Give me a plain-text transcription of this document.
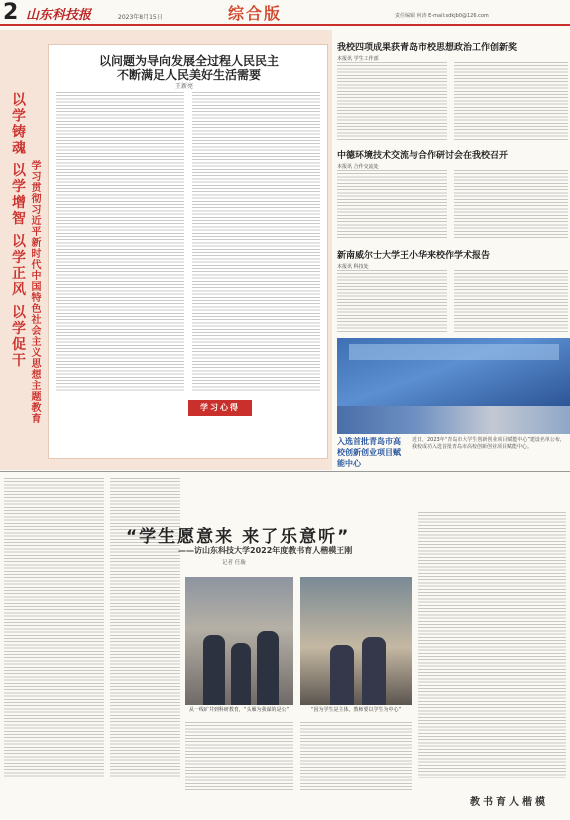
2 山东科技报	2023年8月15日	综合版	责任编辑 何涛 E-mail:sdkjb0@126.com
以学铸魂 以学增智 以学正风 以学促干 学习贯彻习近平新时代中国特色社会主义思想主题教育
以问题为导向发展全过程人民民主
不断满足人民美好生活需要
王新亮
学习心得
我校四项成果获青岛市校思想政治工作创新奖
本报讯 学生工作部
中德环境技术交流与合作研讨会在我校召开
本报讯 合作交流处
新南威尔士大学王小华来校作学术报告
本报讯 科技处
入选首批青岛市高校创新创业项目赋能中心
近日，2023年“青岛市大学生创新创业项目赋能中心”建设名单公布，我校成功入选首批青岛市高校创新创业项目赋能中心。
“学生愿意来 来了乐意听”
——访山东科技大学2022年度教书育人楷模王刚
记者 任璇
从一线矿井到科研教育，“头雁为我谋的是公”	“因为学生是主体，教师要以学生为中心”
教书育人楷模
